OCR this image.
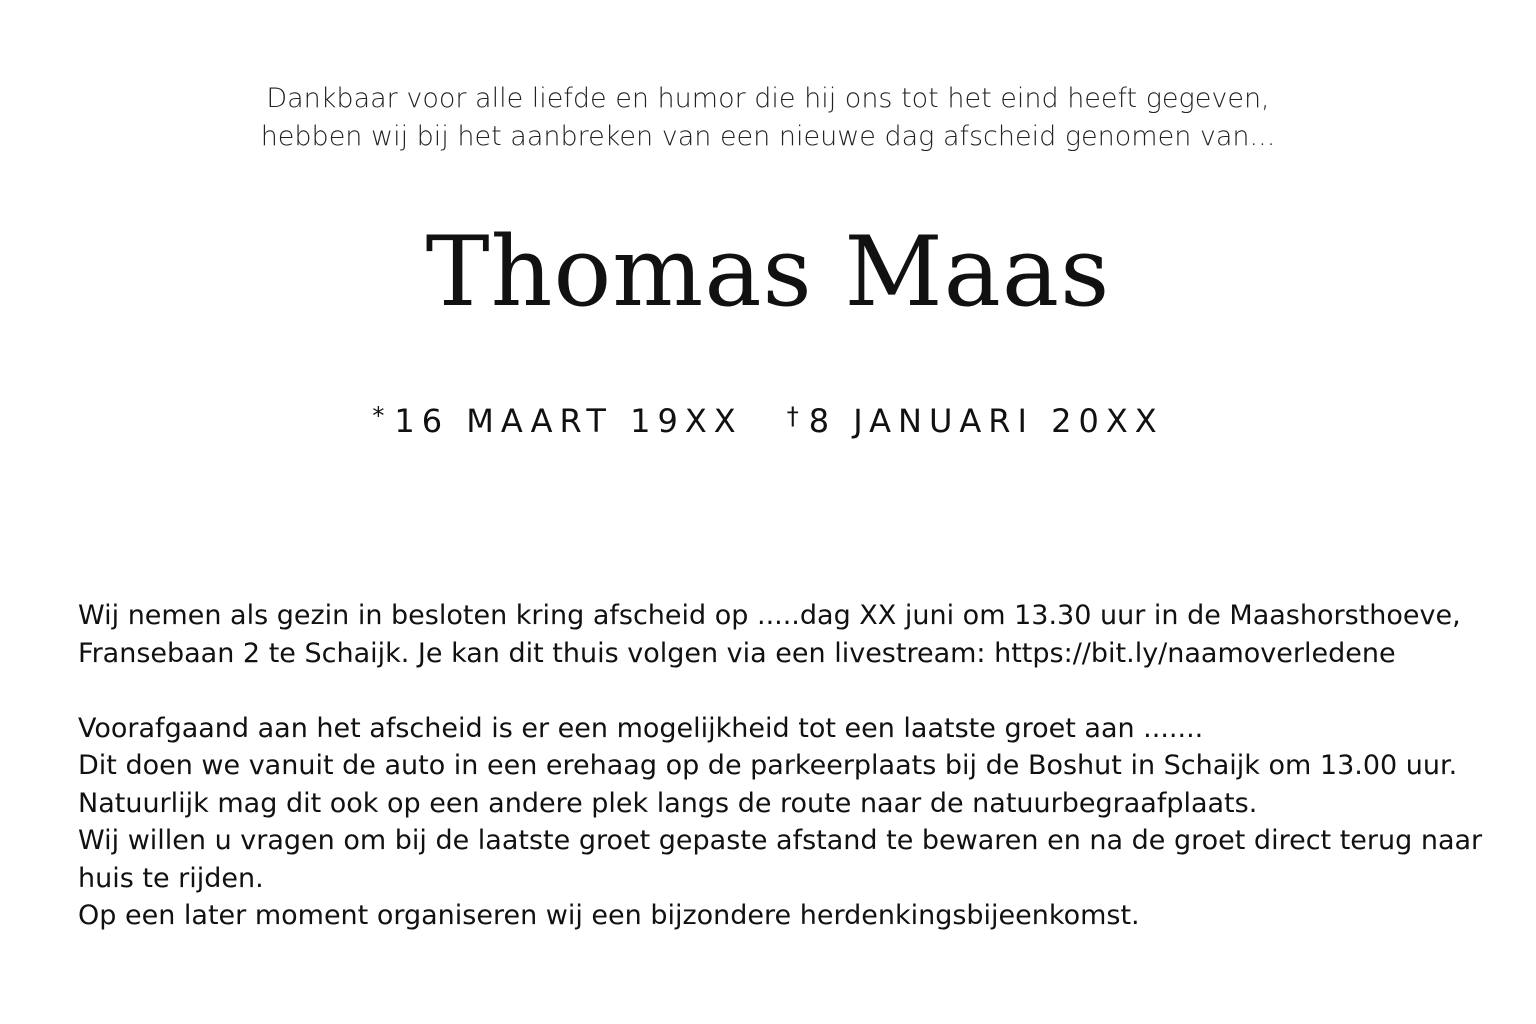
Dankbaar voor alle liefde en humor die hij ons tot het eind heeft gegeven,
hebben wij bij het aanbreken van een nieuwe dag afscheid genomen van...
Thomas Maas
* 16 MAART 19XX † 8 JANUARI 20XX
Wij nemen als gezin in besloten kring afscheid op .....dag XX juni om 13.30 uur in de Maashorsthoeve,
Fransebaan 2 te Schaijk. Je kan dit thuis volgen via een livestream: https://bit.ly/naamoverledene
Voorafgaand aan het afscheid is er een mogelijkheid tot een laatste groet aan .......
Dit doen we vanuit de auto in een erehaag op de parkeerplaats bij de Boshut in Schaijk om 13.00 uur.
Natuurlijk mag dit ook op een andere plek langs de route naar de natuurbegraafplaats.
Wij willen u vragen om bij de laatste groet gepaste afstand te bewaren en na de groet direct terug naar
huis te rijden.
Op een later moment organiseren wij een bijzondere herdenkingsbijeenkomst.
